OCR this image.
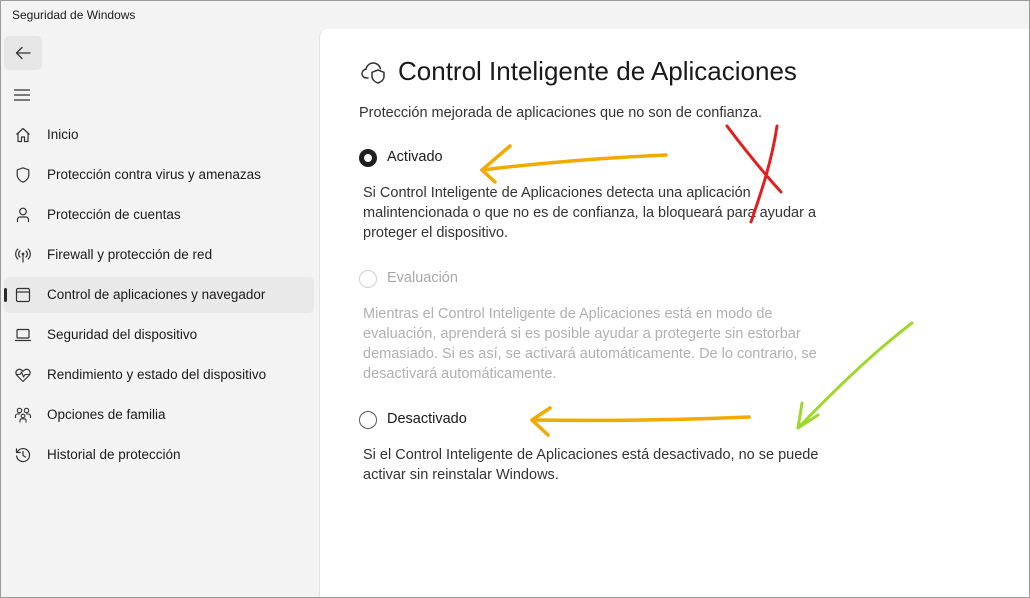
Seguridad de Windows
Inicio
Protección contra virus y amenazas
Protección de cuentas
Firewall y protección de red
Control de aplicaciones y navegador
Seguridad del dispositivo
Rendimiento y estado del dispositivo
Opciones de familia
Historial de protección
Control Inteligente de Aplicaciones
Protección mejorada de aplicaciones que no son de confianza.
Activado
Si Control Inteligente de Aplicaciones detecta una aplicación malintencionada o que no es de confianza, la bloqueará para ayudar a proteger el dispositivo.
Evaluación
Mientras el Control Inteligente de Aplicaciones está en modo de evaluación, aprenderá si es posible ayudar a protegerte sin estorbar demasiado. Si es así, se activará automáticamente. De lo contrario, se desactivará automáticamente.
Desactivado
Si el Control Inteligente de Aplicaciones está desactivado, no se puede activar sin reinstalar Windows.
